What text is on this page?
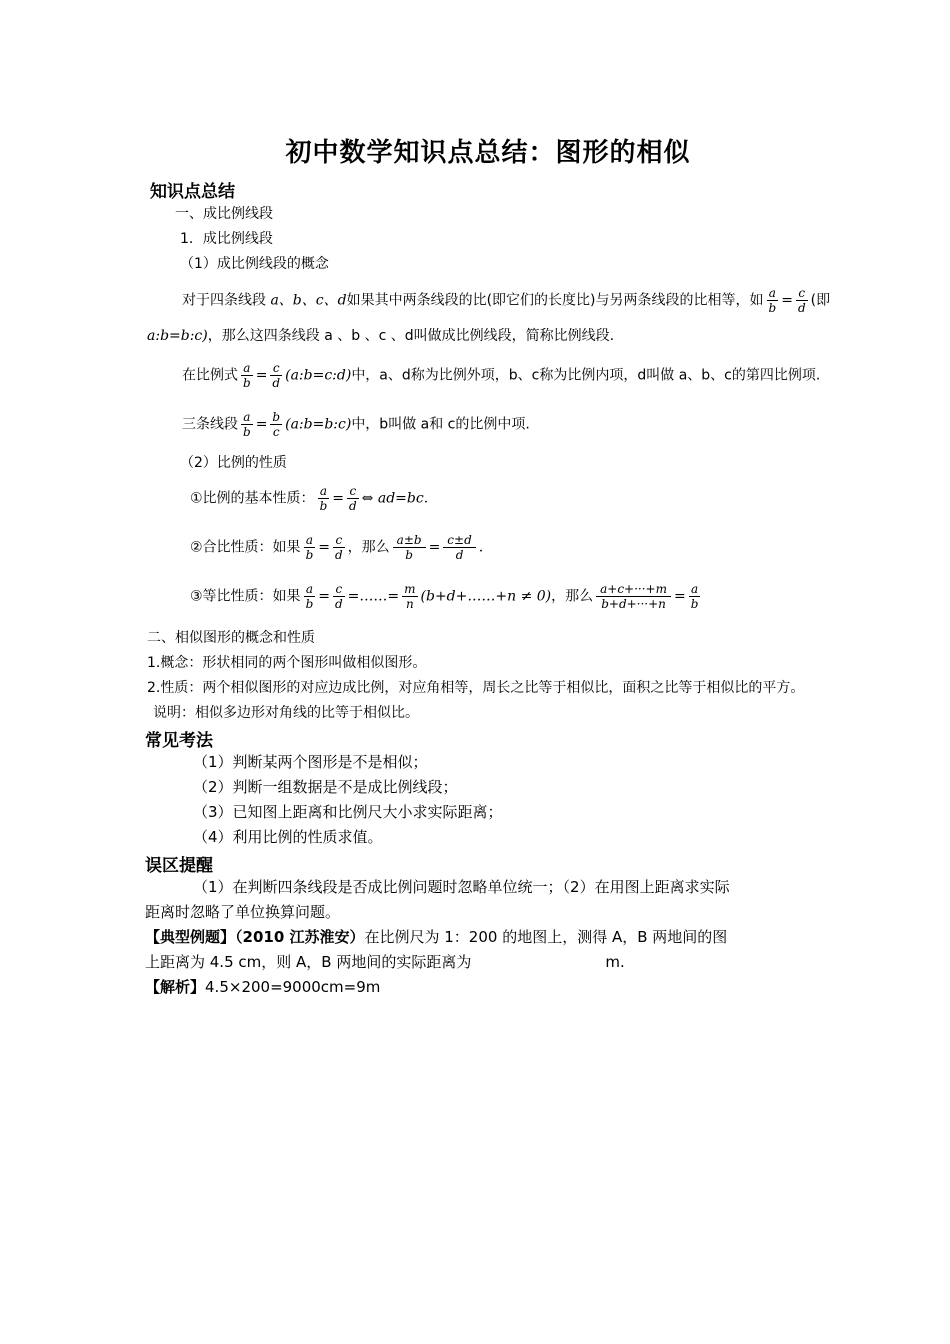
初中数学知识点总结：图形的相似
知识点总结
一、成比例线段
1．成比例线段
（1）成比例线段的概念
对于四条线段 a、b、c、d如果其中两条线段的比(即它们的长度比)与另两条线段的比相等，如 $\frac{a}{b} = \frac{c}{d}$ (即
a:b=b:c)，那么这四条线段 a 、b 、c 、d叫做成比例线段，简称比例线段.
在比例式 $\frac{a}{b} = \frac{c}{d}$ (a:b=c:d)中，a、d称为比例外项，b、c称为比例内项，d叫做 a、b、c的第四比例项.
三条线段 $\frac{a}{b} = \frac{b}{c}$ (a:b=b:c)中，b叫做 a和 c的比例中项.
（2）比例的性质
①比例的基本性质： $\frac{a}{b} = \frac{c}{d}$ ⇔ ad=bc.
②合比性质：如果 $\frac{a}{b} = \frac{c}{d}$ ，那么 $\frac{a\pm b}{b} = \frac{c\pm d}{d}$ .
③等比性质：如果 $\frac{a}{b} = \frac{c}{d}$ =……= $\frac{m}{n}$ (b+d+……+n ≠ 0)，那么 $\frac{a+c+\cdot\cdot\cdot+m}{b+d+\cdot\cdot\cdot+n} = \frac{a}{b}$
二、相似图形的概念和性质
1.概念：形状相同的两个图形叫做相似图形。
2.性质：两个相似图形的对应边成比例，对应角相等，周长之比等于相似比，面积之比等于相似比的平方。
说明：相似多边形对角线的比等于相似比。
常见考法
（1）判断某两个图形是不是相似；
（2）判断一组数据是不是成比例线段；
（3）已知图上距离和比例尺大小求实际距离；
（4）利用比例的性质求值。
误区提醒
（1）在判断四条线段是否成比例问题时忽略单位统一；（2）在用图上距离求实际
距离时忽略了单位换算问题。
【典型例题】（2010 江苏淮安）在比例尺为 1：200 的地图上，测得 A，B 两地间的图
上距离为 4.5 cm，则 A，B 两地间的实际距离为	m.
【解析】4.5×200=9000cm=9m
